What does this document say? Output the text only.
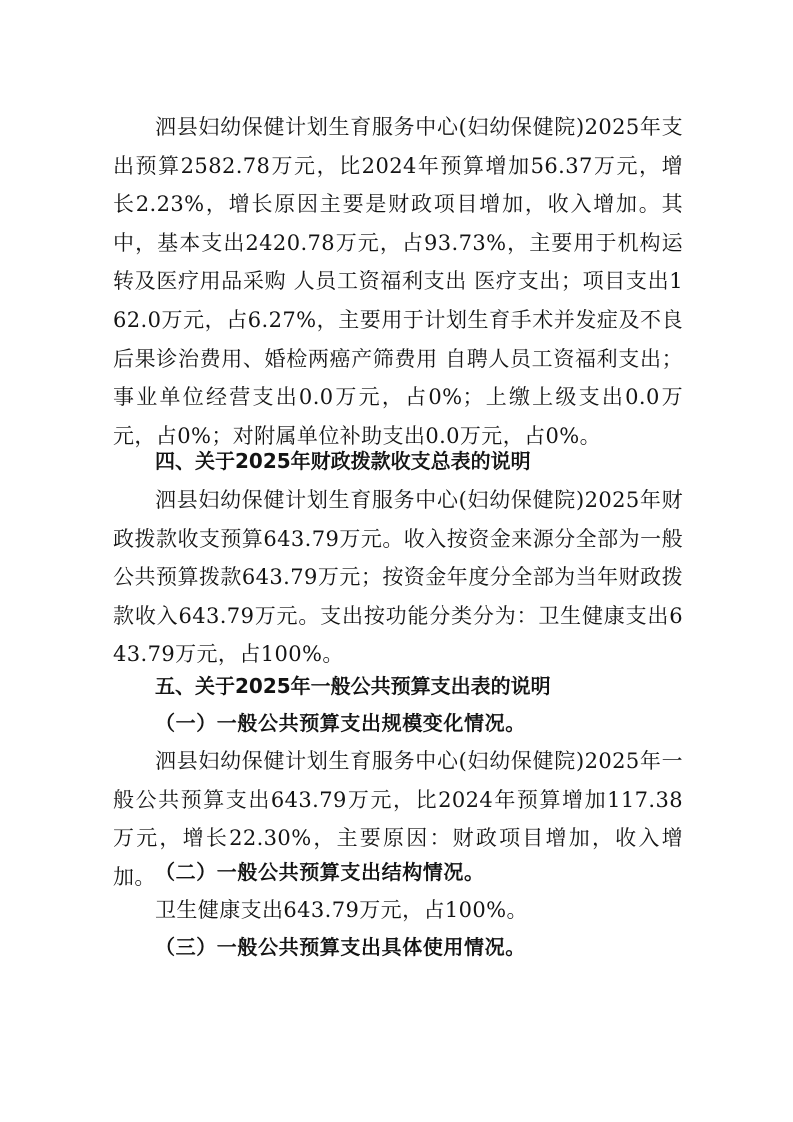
泗县妇幼保健计划生育服务中心(妇幼保健院)2025年支出预算2582.78万元，比2024年预算增加56.37万元，增长2.23%，增长原因主要是财政项目增加，收入增加。其中，基本支出2420.78万元，占93.73%，主要用于机构运转及医疗用品采购 人员工资福利支出 医疗支出；项目支出162.0万元，占6.27%，主要用于计划生育手术并发症及不良后果诊治费用、婚检两癌产筛费用 自聘人员工资福利支出；事业单位经营支出0.0万元，占0%；上缴上级支出0.0万元，占0%；对附属单位补助支出0.0万元，占0%。

四、关于2025年财政拨款收支总表的说明

泗县妇幼保健计划生育服务中心(妇幼保健院)2025年财政拨款收支预算643.79万元。收入按资金来源分全部为一般公共预算拨款643.79万元；按资金年度分全部为当年财政拨款收入643.79万元。支出按功能分类分为：卫生健康支出643.79万元，占100%。

五、关于2025年一般公共预算支出表的说明
（一）一般公共预算支出规模变化情况。

泗县妇幼保健计划生育服务中心(妇幼保健院)2025年一般公共预算支出643.79万元，比2024年预算增加117.38万元，增长22.30%，主要原因：财政项目增加，收入增加。 （二）一般公共预算支出结构情况。

卫生健康支出643.79万元，占100%。

（三）一般公共预算支出具体使用情况。
